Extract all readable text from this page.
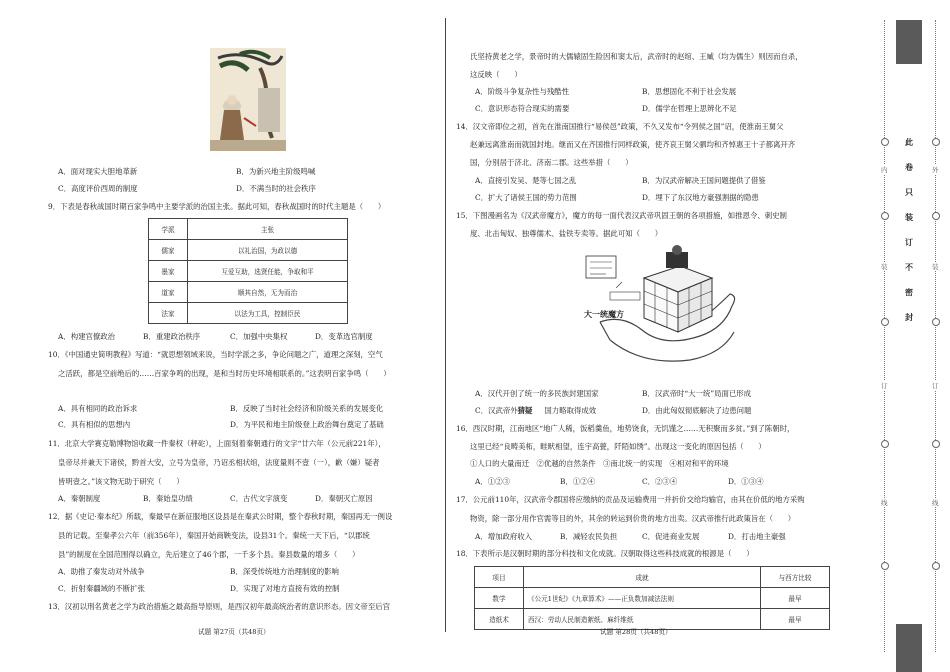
A．面对现实大胆地革新	B．为新兴地主阶级鸣喊
C．高度评价西周的制度	D．不满当时的社会秩序
9．下表是春秋战国时期百家争鸣中主要学派的治国主张。据此可知，春秋战国时的时代主题是（　　）
学派	主张
儒家	以礼治国，为政以德
墨家	互爱互助，选贤任能，争取和平
道家	顺其自然，无为而治
法家	以法为工具，控制臣民
A．构建官僚政治	B．重建政治秩序	C．加强中央集权	D．变革选官制度
10．《中国通史简明教程》写道：“就思想领域来说，当时学派之多，争论问题之广，道理之深刻，空气
之活跃，都是空前绝后的……百家争鸣的出现，是和当时历史环境相联系的。”这表明百家争鸣（　　）
A．具有相同的政治诉求	B．反映了当时社会经济和阶级关系的发展变化
C．具有相似的思想内	D．为平民和地主阶级登上政治舞台奠定了基础
11．北京大学赛克勒博物馆收藏一件秦权（秤砣），上面刻着秦朝通行的文字“廿六年（公元前221年），
皇帝尽并兼天下诸侯，黔首大安，立号为皇帝，乃诏丞相状绾，法度量则不壹（一），歉（嫌）疑者
皆明壹之。”该文物无助于研究（　　）
A．秦朝制度	B．秦始皇功绩	C．古代文字演变	D．秦朝灭亡原因
12．据《史记·秦本纪》所载，秦最早在新征服地区设县是在秦武公时期，整个春秋时期，秦国再无一例设
县的记载。至秦孝公六年（前356年），秦国开始商鞅变法，设县31个。秦统一天下后，“以郡统
县”的制度在全国范围得以确立，先后建立了46个郡，一千多个县。秦县数量的增多（　　）
A．助推了秦发动对外战争	B．深受传统地方治理制度的影响
C．折射秦疆域的不断扩张	D．实现了对地方直接有效的控制
13．汉初以刑名黄老之学为政治措施之最高指导原则，是西汉初年最高统治者的意识形态。因文帝至后宫
试题 第27页（共48页）
氏坚持黄老之学，景帝时的大儒辕固生险因和窦太后，武帝时的赵绾、王臧（均为儒生）则因而自杀，
这反映（　　）
A．阶级斗争复杂性与残酷性	B．思想固化不利于社会发展
C．意识形态符合现实的需要	D．儒学在哲理上思辨化不足
14．汉文帝即位之初，首先在淮南国推行“易侯邑”政策，不久又发布“令列侯之国”诏，使淮南王舅父
赵兼远离淮南而就国封地。继而又在齐国推行同样政策，使齐哀王舅父驷均和齐悼惠王十子都离开齐
国，分别居于济北、济南二郡。这些举措（　　）
A．直接引发吴、楚等七国之乱	B．为汉武帝解决王国问题提供了借鉴
C．扩大了诸侯王国的势力范围	D．埋下了东汉地方豪强割据的隐患
15．下图漫画名为《汉武帝魔方》，魔方的每一面代表汉武帝巩固王朝的各项措施，如推恩令、刺史制
度、北击匈奴、独尊儒术、盐铁专卖等。据此可知（　　）
大一统魔方
A．汉代开创了统一的多民族封建国家	B．汉武帝时“大一统”局面已形成
C．汉武帝外猜疑 国力略取得成效	D．由此匈奴彻底解决了边患问题
16．西汉时期，江南地区“地广人稀，饭稻羹鱼，地势饶食，无饥馑之……无积聚而多贫。”到了陈朝时，
这里已经“良畴美柘，畦畎相望，连宇高甍，阡陌如绣”。出现这一变化的原因包括（　　）
①人口的大量南迁　②优越的自然条件　③南北统一的实现　④相对和平的环境
A．①②③	B．①②④	C．②③④	D．①③④
17．公元前110年，汉武帝令郡国将应缴纳的贡品及运输费用一并折价交给均输官，由其在价低的地方采购
物资，除一部分用作官需等目的外，其余的转运到价贵的地方出卖。汉武帝推行此政策旨在（　　）
A．增加政府收入	B．减轻农民负担	C．促进商业发展	D．打击地主豪强
18．下表所示是汉朝时期的部分科技和文化成就。汉朝取得这些科技成就的根源是（　　）
项目	成就	与西方比较
数学	《公元1世纪》《九章算术》——正负数加减法法则	最早
造纸术	西汉：劳动人民制造絮纸、麻纤维纸	最早
试题 第28页（共48页）
此
卷
只
装
订
不
密
封
内
装
订
线
外
装
订
线
